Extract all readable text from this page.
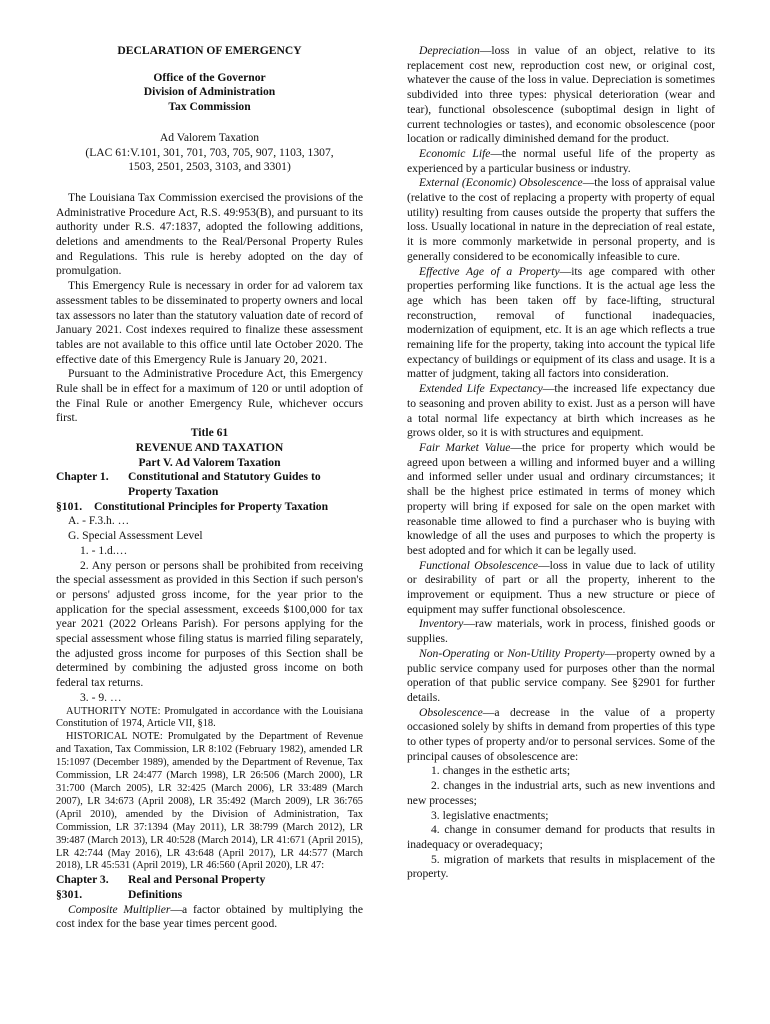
DECLARATION OF EMERGENCY

Office of the Governor

Division of Administration

Tax Commission

Ad Valorem Taxation

(LAC 61:V.101, 301, 701, 703, 705, 907, 1103, 1307, 1503, 2501, 2503, 3103, and 3301)

The Louisiana Tax Commission exercised the provisions of the Administrative Procedure Act, R.S. 49:953(B), and pursuant to its authority under R.S. 47:1837, adopted the following additions, deletions and amendments to the Real/Personal Property Rules and Regulations. This rule is hereby adopted on the day of promulgation.

This Emergency Rule is necessary in order for ad valorem tax assessment tables to be disseminated to property owners and local tax assessors no later than the statutory valuation date of record of January 2021. Cost indexes required to finalize these assessment tables are not available to this office until late October 2020. The effective date of this Emergency Rule is January 20, 2021.

Pursuant to the Administrative Procedure Act, this Emergency Rule shall be in effect for a maximum of 120 or until adoption of the Final Rule or another Emergency Rule, whichever occurs first.

Title 61

REVENUE AND TAXATION

Part V. Ad Valorem Taxation

Chapter 1.	Constitutional and Statutory Guides to Property Taxation
§101.	Constitutional Principles for Property Taxation

A. - F.3.h. …

G. Special Assessment Level

1. - 1.d.…

2. Any person or persons shall be prohibited from receiving the special assessment as provided in this Section if such person's or persons' adjusted gross income, for the year prior to the application for the special assessment, exceeds $100,000 for tax year 2021 (2022 Orleans Parish). For persons applying for the special assessment whose filing status is married filing separately, the adjusted gross income for purposes of this Section shall be determined by combining the adjusted gross income on both federal tax returns.

3. - 9. …

AUTHORITY NOTE: Promulgated in accordance with the Louisiana Constitution of 1974, Article VII, §18.

HISTORICAL NOTE: Promulgated by the Department of Revenue and Taxation, Tax Commission, LR 8:102 (February 1982), amended LR 15:1097 (December 1989), amended by the Department of Revenue, Tax Commission, LR 24:477 (March 1998), LR 26:506 (March 2000), LR 31:700 (March 2005), LR 32:425 (March 2006), LR 33:489 (March 2007), LR 34:673 (April 2008), LR 35:492 (March 2009), LR 36:765 (April 2010), amended by the Division of Administration, Tax Commission, LR 37:1394 (May 2011), LR 38:799 (March 2012), LR 39:487 (March 2013), LR 40:528 (March 2014), LR 41:671 (April 2015), LR 42:744 (May 2016), LR 43:648 (April 2017), LR 44:577 (March 2018), LR 45:531 (April 2019), LR 46:560 (April 2020), LR 47:

Chapter 3.	Real and Personal Property
§301.	Definitions

Composite Multiplier—a factor obtained by multiplying the cost index for the base year times percent good.

Depreciation—loss in value of an object, relative to its replacement cost new, reproduction cost new, or original cost, whatever the cause of the loss in value. Depreciation is sometimes subdivided into three types: physical deterioration (wear and tear), functional obsolescence (suboptimal design in light of current technologies or tastes), and economic obsolescence (poor location or radically diminished demand for the product.

Economic Life—the normal useful life of the property as experienced by a particular business or industry.

External (Economic) Obsolescence—the loss of appraisal value (relative to the cost of replacing a property with property of equal utility) resulting from causes outside the property that suffers the loss. Usually locational in nature in the depreciation of real estate, it is more commonly marketwide in personal property, and is generally considered to be economically infeasible to cure.

Effective Age of a Property—its age compared with other properties performing like functions. It is the actual age less the age which has been taken off by face-lifting, structural reconstruction, removal of functional inadequacies, modernization of equipment, etc. It is an age which reflects a true remaining life for the property, taking into account the typical life expectancy of buildings or equipment of its class and usage. It is a matter of judgment, taking all factors into consideration.

Extended Life Expectancy—the increased life expectancy due to seasoning and proven ability to exist. Just as a person will have a total normal life expectancy at birth which increases as he grows older, so it is with structures and equipment.

Fair Market Value—the price for property which would be agreed upon between a willing and informed buyer and a willing and informed seller under usual and ordinary circumstances; it shall be the highest price estimated in terms of money which property will bring if exposed for sale on the open market with reasonable time allowed to find a purchaser who is buying with knowledge of all the uses and purposes to which the property is best adopted and for which it can be legally used.

Functional Obsolescence—loss in value due to lack of utility or desirability of part or all the property, inherent to the improvement or equipment. Thus a new structure or piece of equipment may suffer functional obsolescence.

Inventory—raw materials, work in process, finished goods or supplies.

Non-Operating or Non-Utility Property—property owned by a public service company used for purposes other than the normal operation of that public service company. See §2901 for further details.

Obsolescence—a decrease in the value of a property occasioned solely by shifts in demand from properties of this type to other types of property and/or to personal services. Some of the principal causes of obsolescence are:

1. changes in the esthetic arts;

2. changes in the industrial arts, such as new inventions and new processes;

3. legislative enactments;

4. change in consumer demand for products that results in inadequacy or overadequacy;

5. migration of markets that results in misplacement of the property.
